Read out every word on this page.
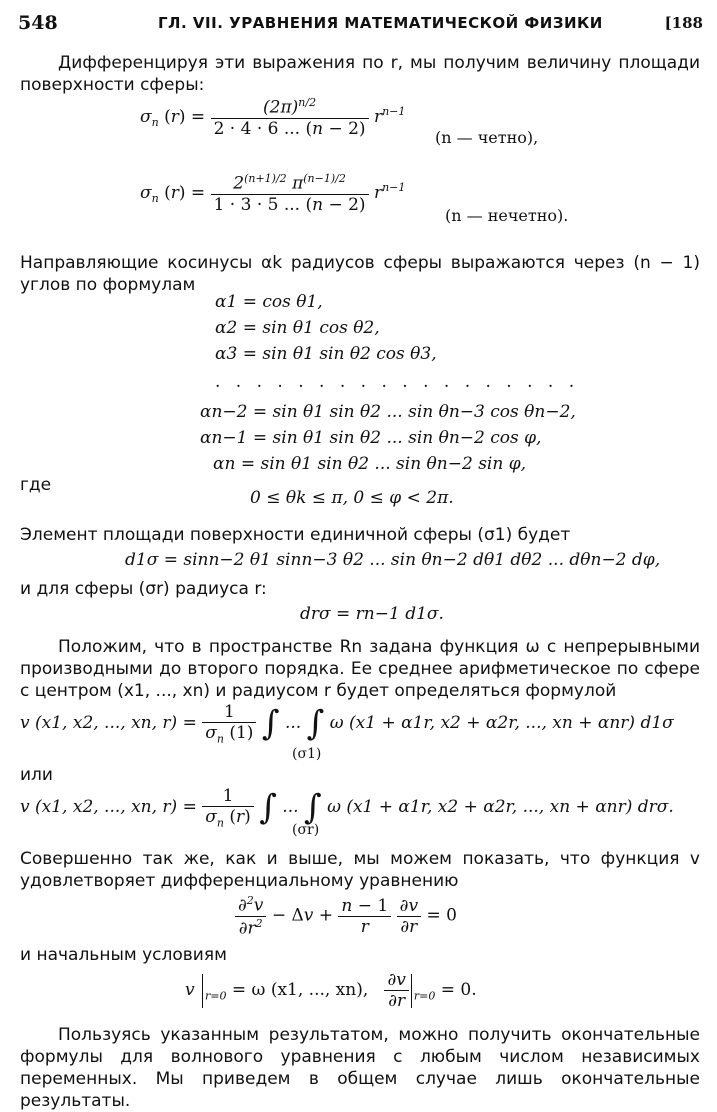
548	ГЛ. VII. УРАВНЕНИЯ МАТЕМАТИЧЕСКОЙ ФИЗИКИ	[188
Дифференцируя эти выражения по r, мы получим величину площади поверхности сферы:
$\sigma_n$ $(r) = \frac{(2\pi)^{n/2}}{2 \cdot 4 \cdot 6 ... (n - 2)} r^{n-1}$
(n — четно),
$\sigma_n$ $(r) = \frac{2^{(n+1)/2} \pi^{(n-1)/2}}{1 \cdot 3 \cdot 5 ... (n - 2)} r^{n-1}$
(n — нечетно).
Направляющие косинусы αk радиусов сферы выражаются через (n − 1) углов по формулам
α1 = cos θ1,
α2 = sin θ1 cos θ2,
α3 = sin θ1 sin θ2 cos θ3,
. . . . . . . . . . . . . . . . . .
αn−2 = sin θ1 sin θ2 ... sin θn−3 cos θn−2,
αn−1 = sin θ1 sin θ2 ... sin θn−2 cos φ,
αn = sin θ1 sin θ2 ... sin θn−2 sin φ,
где
0 ≤ θk ≤ π, 0 ≤ φ < 2π.
Элемент площади поверхности единичной сферы (σ1) будет
d1σ = sinn−2 θ1 sinn−3 θ2 ... sin θn−2 dθ1 dθ2 ... dθn−2 dφ,
и для сферы (σr) радиуса r:
drσ = rn−1 d1σ.
Положим, что в пространстве Rn задана функция ω с непрерывными производными до второго порядка. Ее среднее арифметическое по сфере с центром (x1, ..., xn) и радиусом r будет определяться формулой
v (x1, x2, ..., xn, $r) = \frac{1}{\sigma_n (1)}$ ∫ ... ∫ ω (x1 + α1r, x2 + α2r, ..., xn + αnr) d1σ
(σ1)
или
v (x1, x2, ..., xn, $r) = \frac{1}{\sigma_n (r)}$ ∫ ... ∫ ω (x1 + α1r, x2 + α2r, ..., xn + αnr) drσ.
(σr)
Совершенно так же, как и выше, мы можем показать, что функция v удовлетворяет дифференциальному уравнению
$\frac{\partial^2v}{\partial r^2} - \Delta v + \frac{n - 1}{r}$
$\frac{\partial v}{\partial r} = 0$
и начальным условиям
v $_{r=0}$ = ω (x1, ..., xn), $\frac{\partial v}{\partial r} _{r=0} = 0$.
Пользуясь указанным результатом, можно получить окончательные формулы для волнового уравнения с любым числом независимых переменных. Мы приведем в общем случае лишь окончательные результаты.
